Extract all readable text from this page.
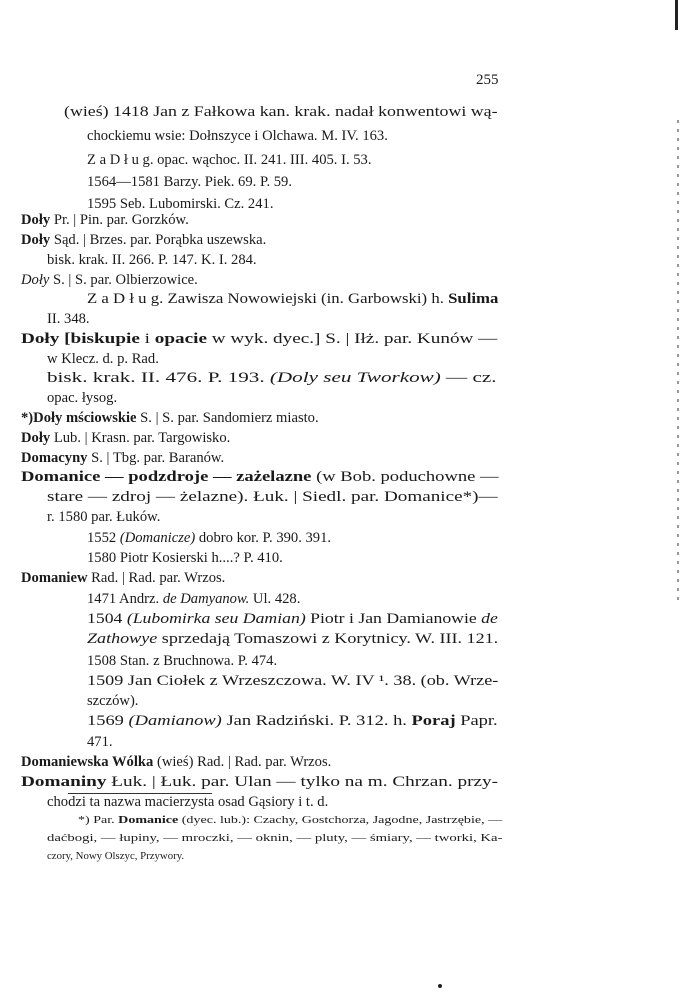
255
(wieś) 1418 Jan z Fałkowa kan. krak. nadał konwentowi wą-
chockiemu wsie: Dołnszyce i Olchawa. M. IV. 163.
Z a D ł u g. opac. wąchoc. II. 241. III. 405. I. 53.
1564—1581 Barzy. Piek. 69. P. 59.
1595 Seb. Lubomirski. Cz. 241.
Doły Pr. | Pin. par. Gorzków.
Doły Sąd. | Brzes. par. Porąbka uszewska.
bisk. krak. II. 266. P. 147. K. I. 284.
Doły S. | S. par. Olbierzowice.
Z a D ł u g. Zawisza Nowowiejski (in. Garbowski) h. Sulima
II. 348.
Doły [biskupie i opacie w wyk. dyec.] S. | Iłż. par. Kunów —
w Klecz. d. p. Rad.
bisk. krak. II. 476. P. 193. (Doly seu Tworkow) — cz.
opac. łysog.
*)Doły mściowskie S. | S. par. Sandomierz miasto.
Doły Lub. | Krasn. par. Targowisko.
Domacyny S. | Tbg. par. Baranów.
Domanice — podzdroje — zażelazne (w Bob. poduchowne —
stare — zdroj — żelazne). Łuk. | Siedl. par. Domanice*)—
r. 1580 par. Łuków.
1552 (Domanicze) dobro kor. P. 390. 391.
1580 Piotr Kosierski h....? P. 410.
Domaniew Rad. | Rad. par. Wrzos.
1471 Andrz. de Damyanow. Ul. 428.
1504 (Lubomirka seu Damian) Piotr i Jan Damianowie de
Zathowye sprzedają Tomaszowi z Korytnicy. W. III. 121.
1508 Stan. z Bruchnowa. P. 474.
1509 Jan Ciołek z Wrzeszczowa. W. IV ¹. 38. (ob. Wrze-
szczów).
1569 (Damianow) Jan Radziński. P. 312. h. Poraj Papr.
471.
Domaniewska Wólka (wieś) Rad. | Rad. par. Wrzos.
Domaniny Łuk. | Łuk. par. Ulan — tylko na m. Chrzan. przy-
chodzi ta nazwa macierzysta osad Gąsiory i t. d.
*) Par. Domanice (dyec. lub.): Czachy, Gostchorza, Jagodne, Jastrzębie, —
daćbogi, — łupiny, — mroczki, — oknin, — pluty, — śmiary, — tworki, Ka-
czory, Nowy Olszyc, Przywory.
